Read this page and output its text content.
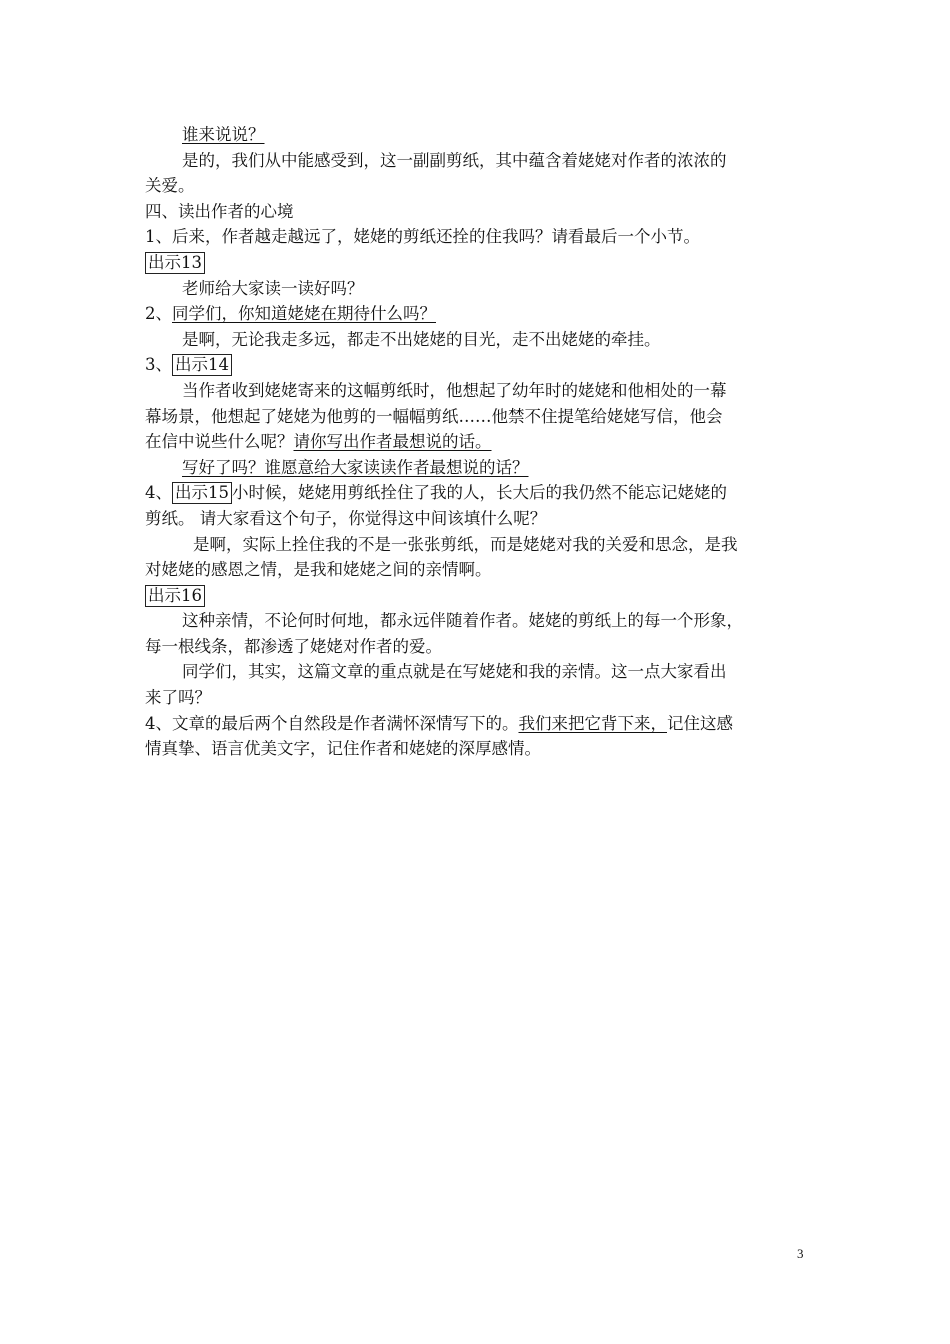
谁来说说？
是的，我们从中能感受到，这一副副剪纸，其中蕴含着姥姥对作者的浓浓的
关爱。
四、读出作者的心境
1、后来，作者越走越远了，姥姥的剪纸还拴的住我吗？请看最后一个小节。
出示13
老师给大家读一读好吗？
2、同学们，你知道姥姥在期待什么吗？
是啊，无论我走多远，都走不出姥姥的目光，走不出姥姥的牵挂。
3、 出示14
当作者收到姥姥寄来的这幅剪纸时，他想起了幼年时的姥姥和他相处的一幕
幕场景，他想起了姥姥为他剪的一幅幅剪纸……他禁不住提笔给姥姥写信，他会
在信中说些什么呢？请你写出作者最想说的话。
写好了吗？谁愿意给大家读读作者最想说的话？
4、 出示15 小时候，姥姥用剪纸拴住了我的人，长大后的我仍然不能忘记姥姥的
剪纸。 请大家看这个句子，你觉得这中间该填什么呢？
是啊，实际上拴住我的不是一张张剪纸，而是姥姥对我的关爱和思念，是我
对姥姥的感恩之情，是我和姥姥之间的亲情啊。
出示16
这种亲情，不论何时何地，都永远伴随着作者。姥姥的剪纸上的每一个形象，
每一根线条，都渗透了姥姥对作者的爱。
同学们，其实，这篇文章的重点就是在写姥姥和我的亲情。这一点大家看出
来了吗？
4、文章的最后两个自然段是作者满怀深情写下的。我们来把它背下来，记住这感
情真挚、语言优美文字，记住作者和姥姥的深厚感情。
3
